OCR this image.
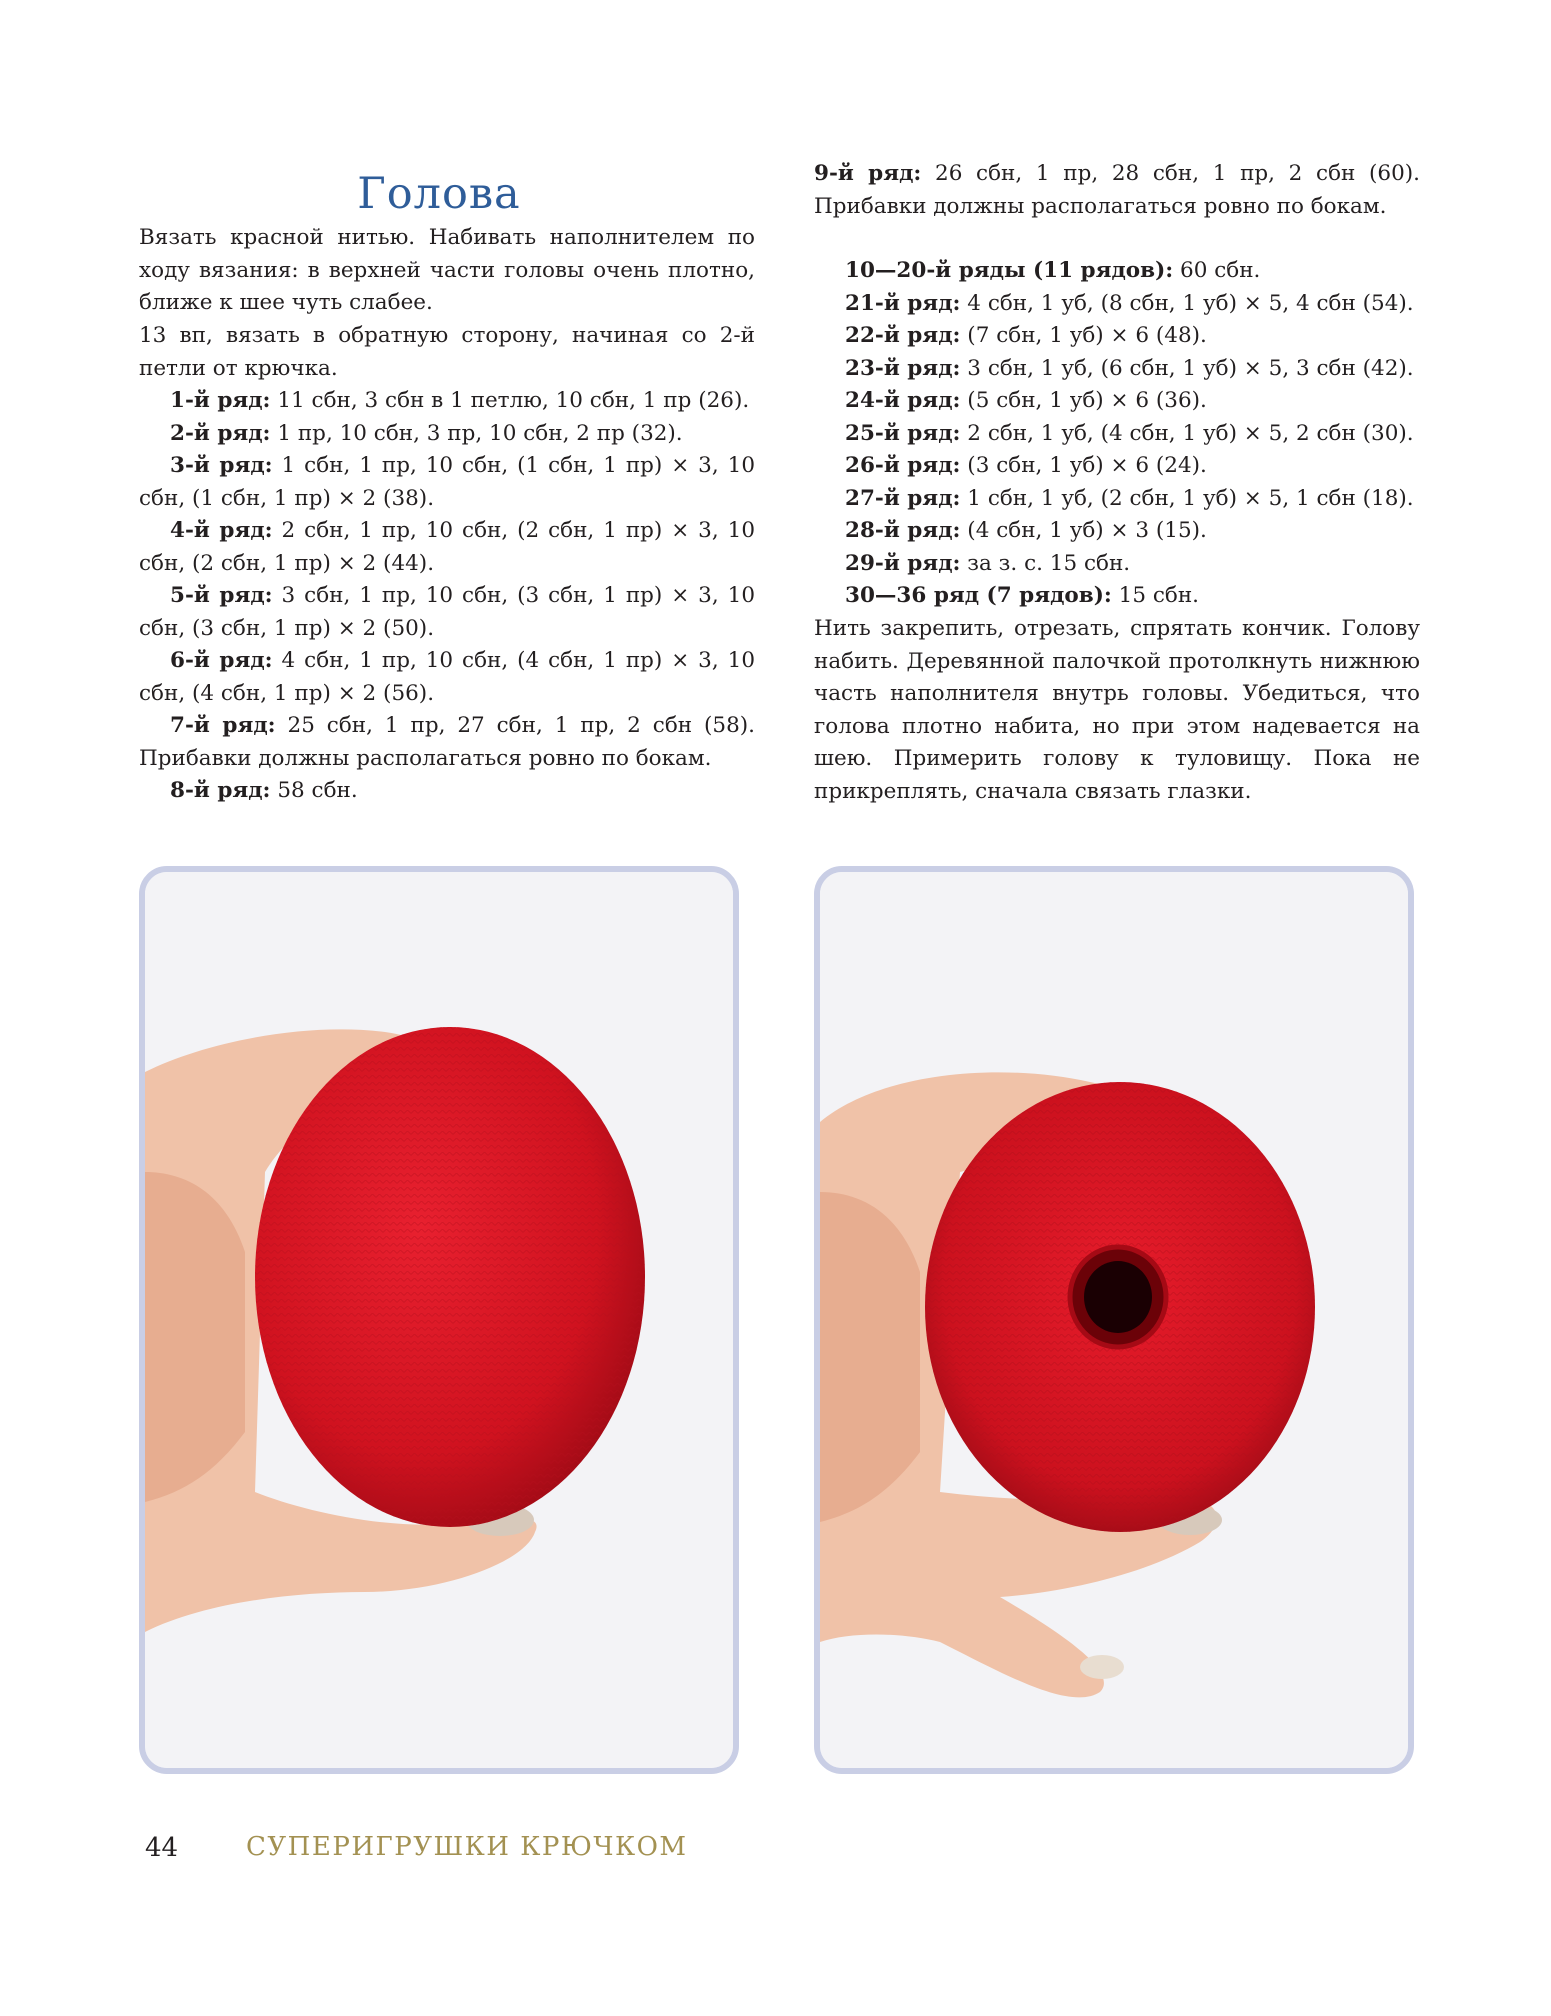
Голова
Вязать красной нитью. Набивать наполнителем по ходу вязания: в верхней части головы очень плотно, ближе к шее чуть слабее.
13 вп, вязать в обратную сторону, начиная со 2-й петли от крючка.
1-й ряд: 11 сбн, 3 сбн в 1 петлю, 10 сбн, 1 пр (26).
2-й ряд: 1 пр, 10 сбн, 3 пр, 10 сбн, 2 пр (32).
3-й ряд: 1 сбн, 1 пр, 10 сбн, (1 сбн, 1 пр) × 3, 10 сбн, (1 сбн, 1 пр) × 2 (38).
4-й ряд: 2 сбн, 1 пр, 10 сбн, (2 сбн, 1 пр) × 3, 10 сбн, (2 сбн, 1 пр) × 2 (44).
5-й ряд: 3 сбн, 1 пр, 10 сбн, (3 сбн, 1 пр) × 3, 10 сбн, (3 сбн, 1 пр) × 2 (50).
6-й ряд: 4 сбн, 1 пр, 10 сбн, (4 сбн, 1 пр) × 3, 10 сбн, (4 сбн, 1 пр) × 2 (56).
7-й ряд: 25 сбн, 1 пр, 27 сбн, 1 пр, 2 сбн (58). Прибавки должны располагаться ровно по бокам.
8-й ряд: 58 сбн.
9-й ряд: 26 сбн, 1 пр, 28 сбн, 1 пр, 2 сбн (60). Прибавки должны располагаться ровно по бокам.
10—20-й ряды (11 рядов): 60 сбн.
21-й ряд: 4 сбн, 1 уб, (8 сбн, 1 уб) × 5, 4 сбн (54).
22-й ряд: (7 сбн, 1 уб) × 6 (48).
23-й ряд: 3 сбн, 1 уб, (6 сбн, 1 уб) × 5, 3 сбн (42).
24-й ряд: (5 сбн, 1 уб) × 6 (36).
25-й ряд: 2 сбн, 1 уб, (4 сбн, 1 уб) × 5, 2 сбн (30).
26-й ряд: (3 сбн, 1 уб) × 6 (24).
27-й ряд: 1 сбн, 1 уб, (2 сбн, 1 уб) × 5, 1 сбн (18).
28-й ряд: (4 сбн, 1 уб) × 3 (15).
29-й ряд: за з. с. 15 сбн.
30—36 ряд (7 рядов): 15 сбн.
Нить закрепить, отрезать, спрятать кончик. Голову набить. Деревянной палочкой протолкнуть нижнюю часть наполнителя внутрь головы. Убедиться, что голова плотно набита, но при этом надевается на шею. Примерить голову к туловищу. Пока не прикреплять, сначала связать глазки.
44	СУПЕРИГРУШКИ КРЮЧКОМ
